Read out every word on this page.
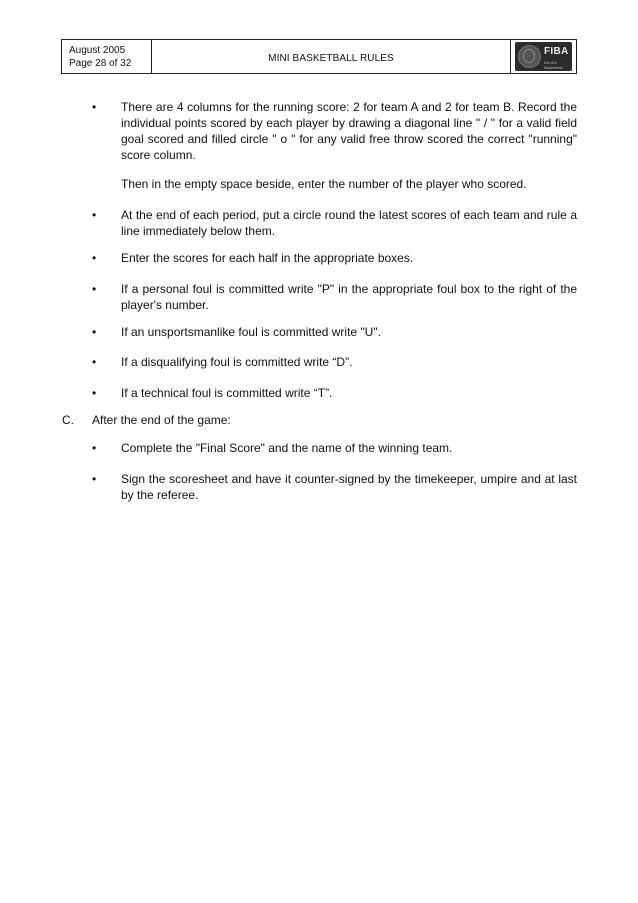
August 2005
Page 28 of 32	MINI BASKETBALL RULES
FIBA
We Are Basketball
• There are 4 columns for the running score: 2 for team A and 2 for team B. Record the individual points scored by each player by drawing a diagonal line " / " for a valid field goal scored and filled circle " o " for any valid free throw scored the correct "running" score column.
Then in the empty space beside, enter the number of the player who scored.
• At the end of each period, put a circle round the latest scores of each team and rule a line immediately below them.
• Enter the scores for each half in the appropriate boxes.
• If a personal foul is committed write "P" in the appropriate foul box to the right of the player's number.
• If an unsportsmanlike foul is committed write "U".
• If a disqualifying foul is committed write “D”.
• If a technical foul is committed write “T”.
C. After the end of the game:
• Complete the "Final Score" and the name of the winning team.
• Sign the scoresheet and have it counter-signed by the timekeeper, umpire and at last by the referee.
